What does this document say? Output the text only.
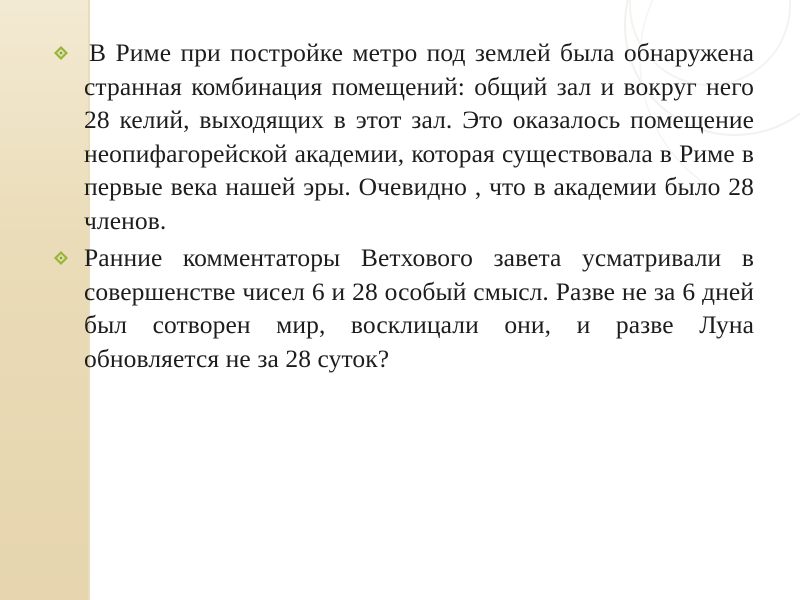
В Риме при постройке метро под землей была обнаружена странная комбинация помещений: общий зал и вокруг него 28 келий, выходящих в этот зал. Это оказалось помещение неопифагорейской академии, которая существовала в Риме в первые века нашей эры. Очевидно , что в академии было 28 членов.
Ранние комментаторы Ветхового завета усматривали в совершенстве чисел 6 и 28 особый смысл. Разве не за 6 дней был сотворен мир, восклицали они, и разве Луна обновляется не за 28 суток?
